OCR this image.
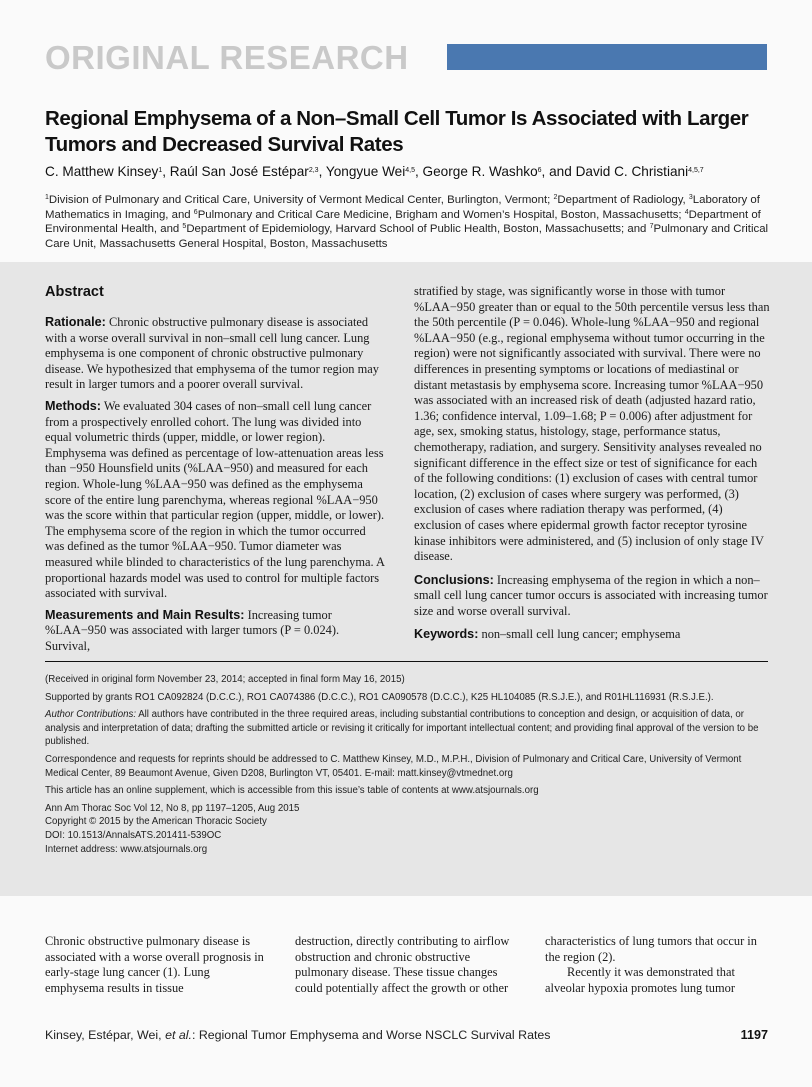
ORIGINAL RESEARCH
Regional Emphysema of a Non–Small Cell Tumor Is Associated with Larger Tumors and Decreased Survival Rates
C. Matthew Kinsey$^1$, Raúl San José Estépar$^{2,3}$, Yongyue Wei$^{4,5}$, George R. Washko$^6$, and David C. Christiani$^{4,5,7}$
$^1$Division of Pulmonary and Critical Care, University of Vermont Medical Center, Burlington, Vermont; $^2$Department of Radiology, $^3$Laboratory of Mathematics in Imaging, and $^6$Pulmonary and Critical Care Medicine, Brigham and Women’s Hospital, Boston, Massachusetts; $^4$Department of Environmental Health, and $^5$Department of Epidemiology, Harvard School of Public Health, Boston, Massachusetts; and $^7$Pulmonary and Critical Care Unit, Massachusetts General Hospital, Boston, Massachusetts
Abstract

Rationale: Chronic obstructive pulmonary disease is associated with a worse overall survival in non–small cell lung cancer. Lung emphysema is one component of chronic obstructive pulmonary disease. We hypothesized that emphysema of the tumor region may result in larger tumors and a poorer overall survival.

Methods: We evaluated 304 cases of non–small cell lung cancer from a prospectively enrolled cohort. The lung was divided into equal volumetric thirds (upper, middle, or lower region). Emphysema was defined as percentage of low-attenuation areas less than −950 Hounsfield units (%LAA−950) and measured for each region. Whole-lung %LAA−950 was defined as the emphysema score of the entire lung parenchyma, whereas regional %LAA−950 was the score within that particular region (upper, middle, or lower). The emphysema score of the region in which the tumor occurred was defined as the tumor %LAA−950. Tumor diameter was measured while blinded to characteristics of the lung parenchyma. A proportional hazards model was used to control for multiple factors associated with survival.

Measurements and Main Results: Increasing tumor %LAA−950 was associated with larger tumors (P = 0.024). Survival,

stratified by stage, was significantly worse in those with tumor %LAA−950 greater than or equal to the 50th percentile versus less than the 50th percentile (P = 0.046). Whole-lung %LAA−950 and regional %LAA−950 (e.g., regional emphysema without tumor occurring in the region) were not significantly associated with survival. There were no differences in presenting symptoms or locations of mediastinal or distant metastasis by emphysema score. Increasing tumor %LAA−950 was associated with an increased risk of death (adjusted hazard ratio, 1.36; confidence interval, 1.09–1.68; P = 0.006) after adjustment for age, sex, smoking status, histology, stage, performance status, chemotherapy, radiation, and surgery. Sensitivity analyses revealed no significant difference in the effect size or test of significance for each of the following conditions: (1) exclusion of cases with central tumor location, (2) exclusion of cases where surgery was performed, (3) exclusion of cases where radiation therapy was performed, (4) exclusion of cases where epidermal growth factor receptor tyrosine kinase inhibitors were administered, and (5) inclusion of only stage IV disease.

Conclusions: Increasing emphysema of the region in which a non–small cell lung cancer tumor occurs is associated with increasing tumor size and worse overall survival.

Keywords: non–small cell lung cancer; emphysema

(Received in original form November 23, 2014; accepted in final form May 16, 2015)

Supported by grants RO1 CA092824 (D.C.C.), RO1 CA074386 (D.C.C.), RO1 CA090578 (D.C.C.), K25 HL104085 (R.S.J.E.), and R01HL116931 (R.S.J.E.).

Author Contributions: All authors have contributed in the three required areas, including substantial contributions to conception and design, or acquisition of data, or analysis and interpretation of data; drafting the submitted article or revising it critically for important intellectual content; and providing final approval of the version to be published.

Correspondence and requests for reprints should be addressed to C. Matthew Kinsey, M.D., M.P.H., Division of Pulmonary and Critical Care, University of Vermont Medical Center, 89 Beaumont Avenue, Given D208, Burlington VT, 05401. E-mail: matt.kinsey@vtmednet.org

This article has an online supplement, which is accessible from this issue’s table of contents at www.atsjournals.org

Ann Am Thorac Soc Vol 12, No 8, pp 1197–1205, Aug 2015

Copyright © 2015 by the American Thoracic Society

DOI: 10.1513/AnnalsATS.201411-539OC

Internet address: www.atsjournals.org

Chronic obstructive pulmonary disease is associated with a worse overall prognosis in early-stage lung cancer (1). Lung emphysema results in tissue

destruction, directly contributing to airflow obstruction and chronic obstructive pulmonary disease. These tissue changes could potentially affect the growth or other

characteristics of lung tumors that occur in the region (2).

Recently it was demonstrated that alveolar hypoxia promotes lung tumor

Kinsey, Estépar, Wei, et al.: Regional Tumor Emphysema and Worse NSCLC Survival Rates	1197
